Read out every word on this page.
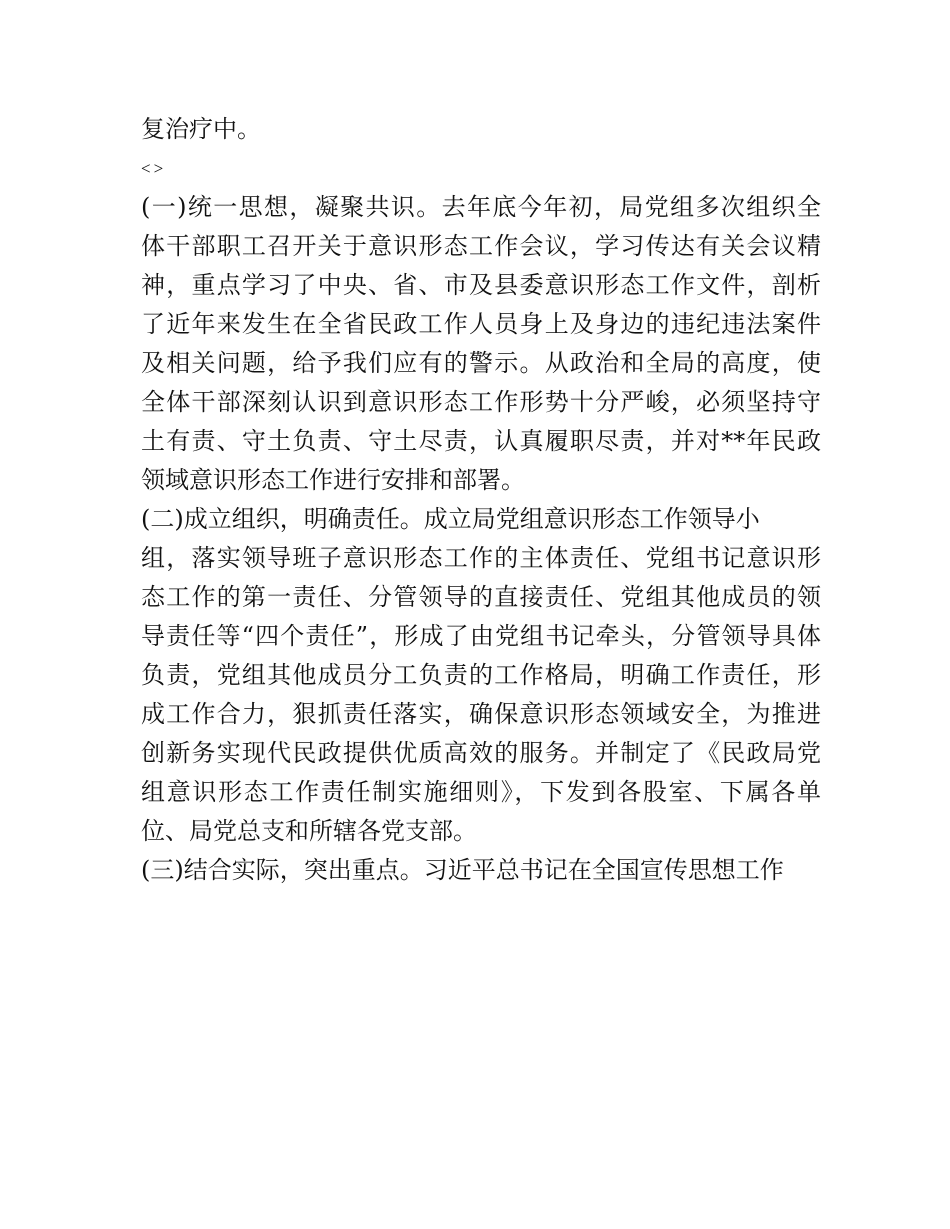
复治疗中。
<>
(一)统一思想，凝聚共识。去年底今年初，局党组多次组织全
体干部职工召开关于意识形态工作会议，学习传达有关会议精
神，重点学习了中央、省、市及县委意识形态工作文件，剖析
了近年来发生在全省民政工作人员身上及身边的违纪违法案件
及相关问题，给予我们应有的警示。从政治和全局的高度，使
全体干部深刻认识到意识形态工作形势十分严峻，必须坚持守
土有责、守土负责、守土尽责，认真履职尽责，并对**年民政
领域意识形态工作进行安排和部署。
(二)成立组织，明确责任。成立局党组意识形态工作领导小
组，落实领导班子意识形态工作的主体责任、党组书记意识形
态工作的第一责任、分管领导的直接责任、党组其他成员的领
导责任等“四个责任”，形成了由党组书记牵头，分管领导具体
负责，党组其他成员分工负责的工作格局，明确工作责任，形
成工作合力，狠抓责任落实，确保意识形态领域安全，为推进
创新务实现代民政提供优质高效的服务。并制定了《民政局党
组意识形态工作责任制实施细则》，下发到各股室、下属各单
位、局党总支和所辖各党支部。
(三)结合实际，突出重点。习近平总书记在全国宣传思想工作
